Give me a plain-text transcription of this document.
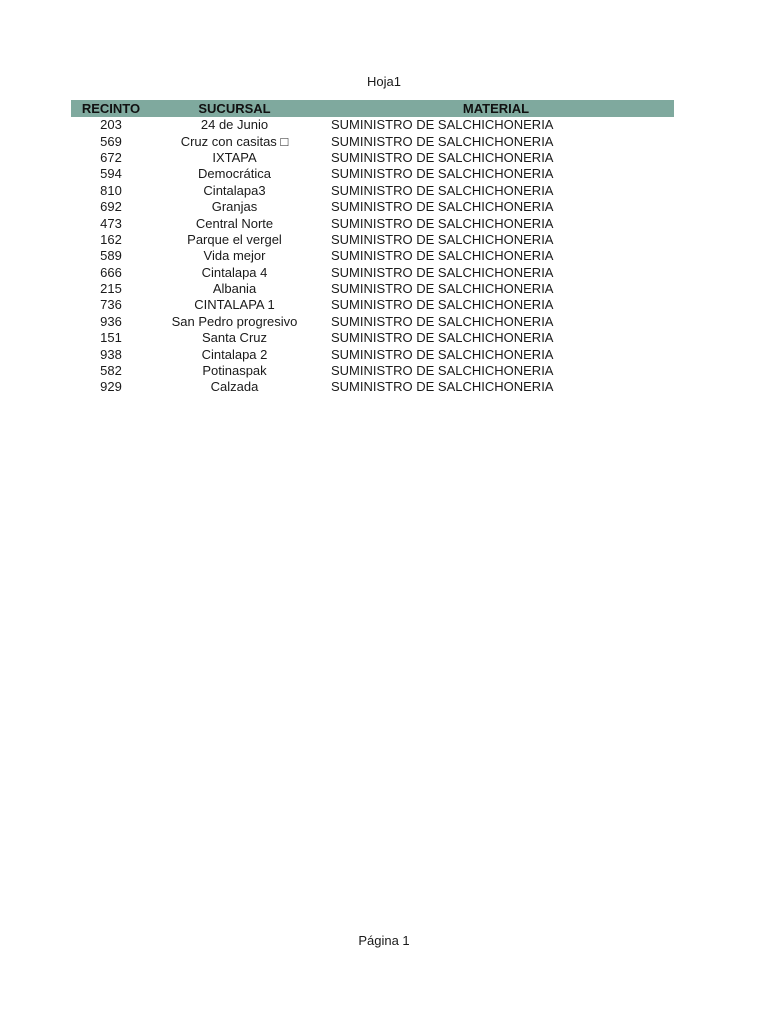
Hoja1
RECINTO	SUCURSAL	MATERIAL
203	24 de Junio	SUMINISTRO DE SALCHICHONERIA
569	Cruz con casitas □	SUMINISTRO DE SALCHICHONERIA
672	IXTAPA	SUMINISTRO DE SALCHICHONERIA
594	Democrática	SUMINISTRO DE SALCHICHONERIA
810	Cintalapa3	SUMINISTRO DE SALCHICHONERIA
692	Granjas	SUMINISTRO DE SALCHICHONERIA
473	Central Norte	SUMINISTRO DE SALCHICHONERIA
162	Parque el vergel	SUMINISTRO DE SALCHICHONERIA
589	Vida mejor	SUMINISTRO DE SALCHICHONERIA
666	Cintalapa 4	SUMINISTRO DE SALCHICHONERIA
215	Albania	SUMINISTRO DE SALCHICHONERIA
736	CINTALAPA 1	SUMINISTRO DE SALCHICHONERIA
936	San Pedro progresivo	SUMINISTRO DE SALCHICHONERIA
151	Santa Cruz	SUMINISTRO DE SALCHICHONERIA
938	Cintalapa 2	SUMINISTRO DE SALCHICHONERIA
582	Potinaspak	SUMINISTRO DE SALCHICHONERIA
929	Calzada	SUMINISTRO DE SALCHICHONERIA
Página 1
